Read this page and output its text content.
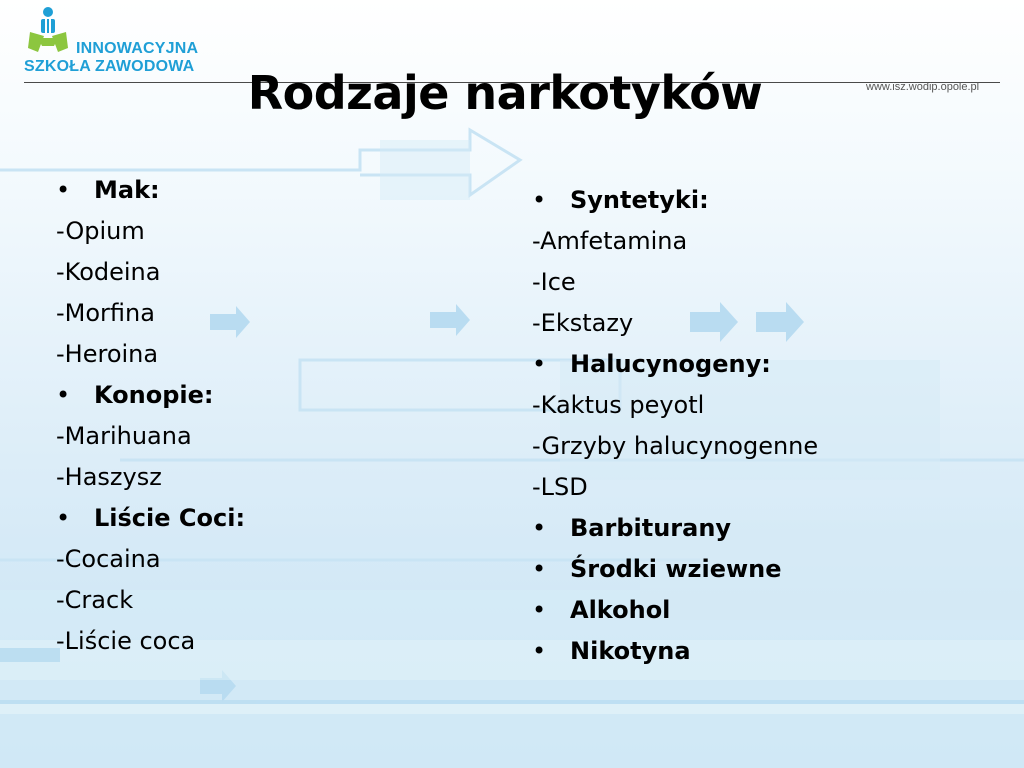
INNOWACYJNA
SZKOŁA ZAWODOWA
www.isz.wodip.opole.pl
Rodzaje narkotyków
• Mak:
-Opium
-Kodeina
-Morfina
-Heroina
• Konopie:
-Marihuana
-Haszysz
• Liście Coci:
-Cocaina
-Crack
-Liście coca
• Syntetyki:
-Amfetamina
-Ice
-Ekstazy
• Halucynogeny:
-Kaktus peyotl
-Grzyby halucynogenne
-LSD
• Barbiturany
• Środki wziewne
• Alkohol
• Nikotyna
